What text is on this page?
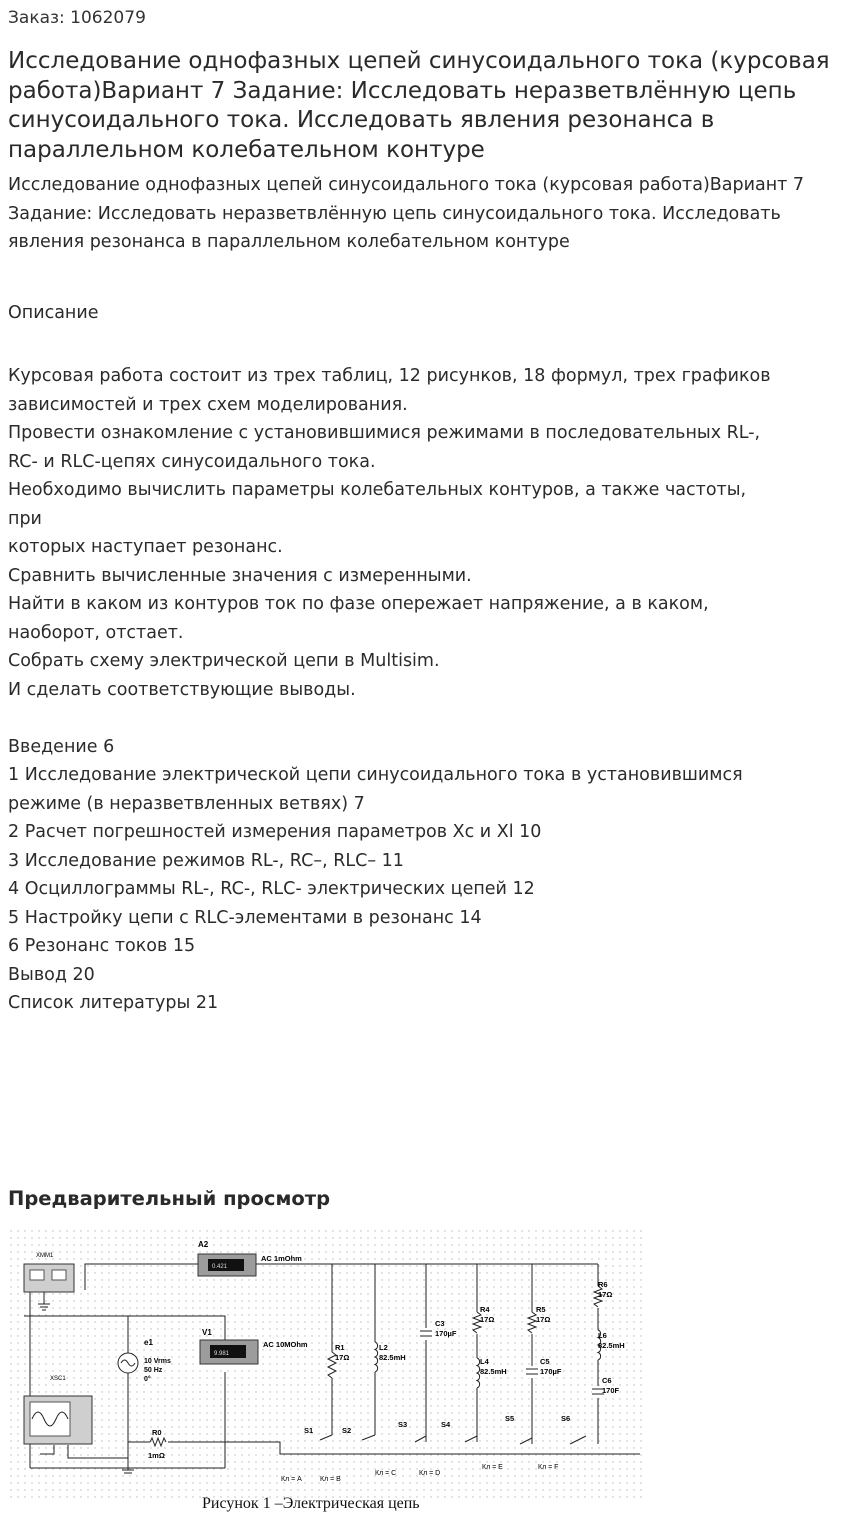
Заказ: 1062079
Исследование однофазных цепей синусоидального тока (курсовая работа)Вариант 7 Задание: Исследовать неразветвлённую цепь синусоидального тока. Исследовать явления резонанса в параллельном колебательном контуре

Исследование однофазных цепей синусоидального тока (курсовая работа)Вариант 7 Задание: Исследовать неразветвлённую цепь синусоидального тока. Исследовать явления резонанса в параллельном колебательном контуре

Описание
Курсовая работа состоит из трех таблиц, 12 рисунков, 18 формул, трех графиков
зависимостей и трех схем моделирования.
Провести ознакомление с установившимися режимами в последовательных RL-,
RC- и RLC-цепях синусоидального тока.
Необходимо вычислить параметры колебательных контуров, а также частоты,
при
которых наступает резонанс.
Сравнить вычисленные значения с измеренными.
Найти в каком из контуров ток по фазе опережает напряжение, а в каком,
наоборот, отстает.
Собрать схему электрической цепи в Multisim.
И сделать соответствующие выводы.
Введение 6
1 Исследование электрической цепи синусоидального тока в установившимся
режиме (в неразветвленных ветвях) 7
2 Расчет погрешностей измерения параметров Xc и Xl 10
3 Исследование режимов RL-, RC–, RLC– 11
4 Осциллограммы RL-, RC-, RLC- электрических цепей 12
5 Настройку цепи с RLC-элементами в резонанс 14
6 Резонанс токов 15
Вывод 20
Список литературы 21
Предварительный просмотр
XMM1
0.421
A2
AC 1mOhm
9.981
V1
AC 10MOhm
e1
10 Vrms
50 Hz
0°
XSC1
R0
1mΩ
R1
17Ω
L2
82.5mH
C3
170µF
R4
17Ω
L4
82.5mH
R5
17Ω
C5
170µF
R6
17Ω
L6
82.5mH
C6
170F
S1	S2
S3	S4
S5	S6
Кл = A	Кл = B
Кл = C	Кл = D
Кл = E	Кл = F
Рисунок 1 –Электрическая цепь
